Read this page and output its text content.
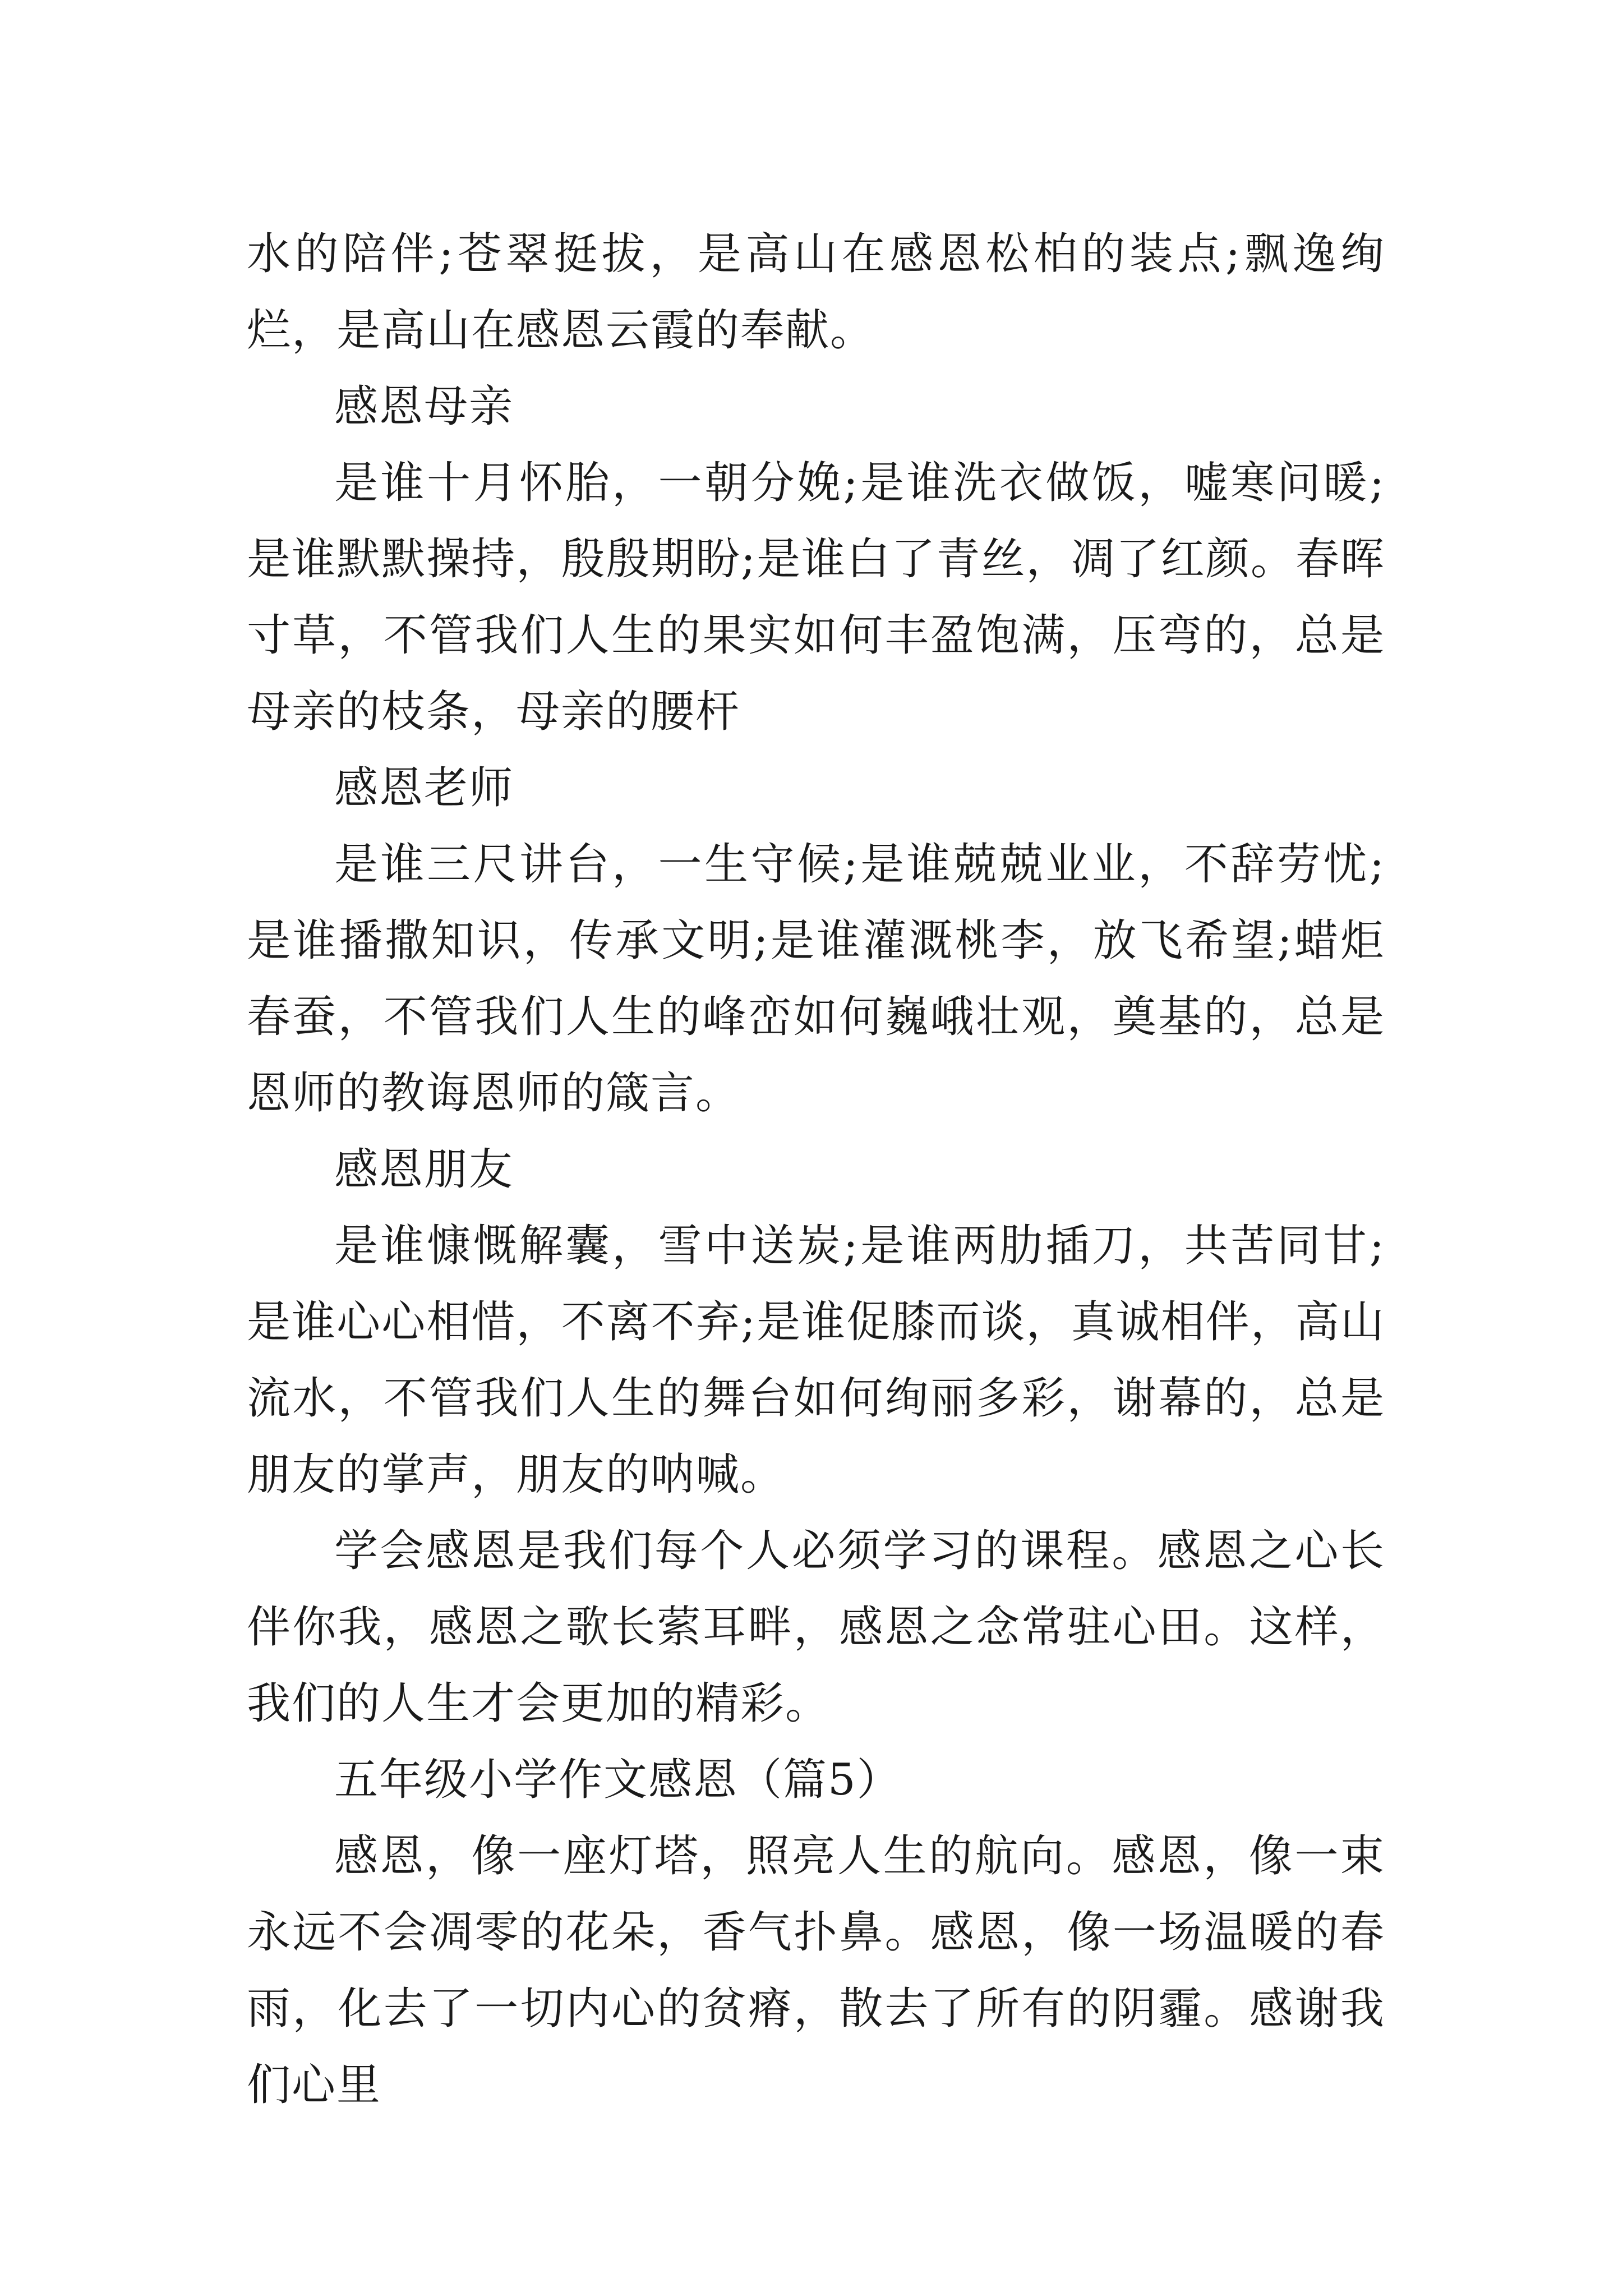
水的陪伴;苍翠挺拔，是高山在感恩松柏的装点;飘逸绚烂，是高山在感恩云霞的奉献。

感恩母亲

是谁十月怀胎，一朝分娩;是谁洗衣做饭，嘘寒问暖;是谁默默操持，殷殷期盼;是谁白了青丝，凋了红颜。春晖寸草，不管我们人生的果实如何丰盈饱满，压弯的，总是母亲的枝条，母亲的腰杆

感恩老师

是谁三尺讲台，一生守候;是谁兢兢业业，不辞劳忧;是谁播撒知识，传承文明;是谁灌溉桃李，放飞希望;蜡炬春蚕，不管我们人生的峰峦如何巍峨壮观，奠基的，总是恩师的教诲恩师的箴言。

感恩朋友

是谁慷慨解囊，雪中送炭;是谁两肋插刀，共苦同甘;是谁心心相惜，不离不弃;是谁促膝而谈，真诚相伴，高山流水，不管我们人生的舞台如何绚丽多彩，谢幕的，总是朋友的掌声，朋友的呐喊。

学会感恩是我们每个人必须学习的课程。感恩之心长伴你我，感恩之歌长萦耳畔，感恩之念常驻心田。这样，我们的人生才会更加的精彩。

五年级小学作文感恩（篇5）

感恩，像一座灯塔，照亮人生的航向。感恩，像一束永远不会凋零的花朵，香气扑鼻。感恩，像一场温暖的春雨，化去了一切内心的贫瘠，散去了所有的阴霾。感谢我们心里
